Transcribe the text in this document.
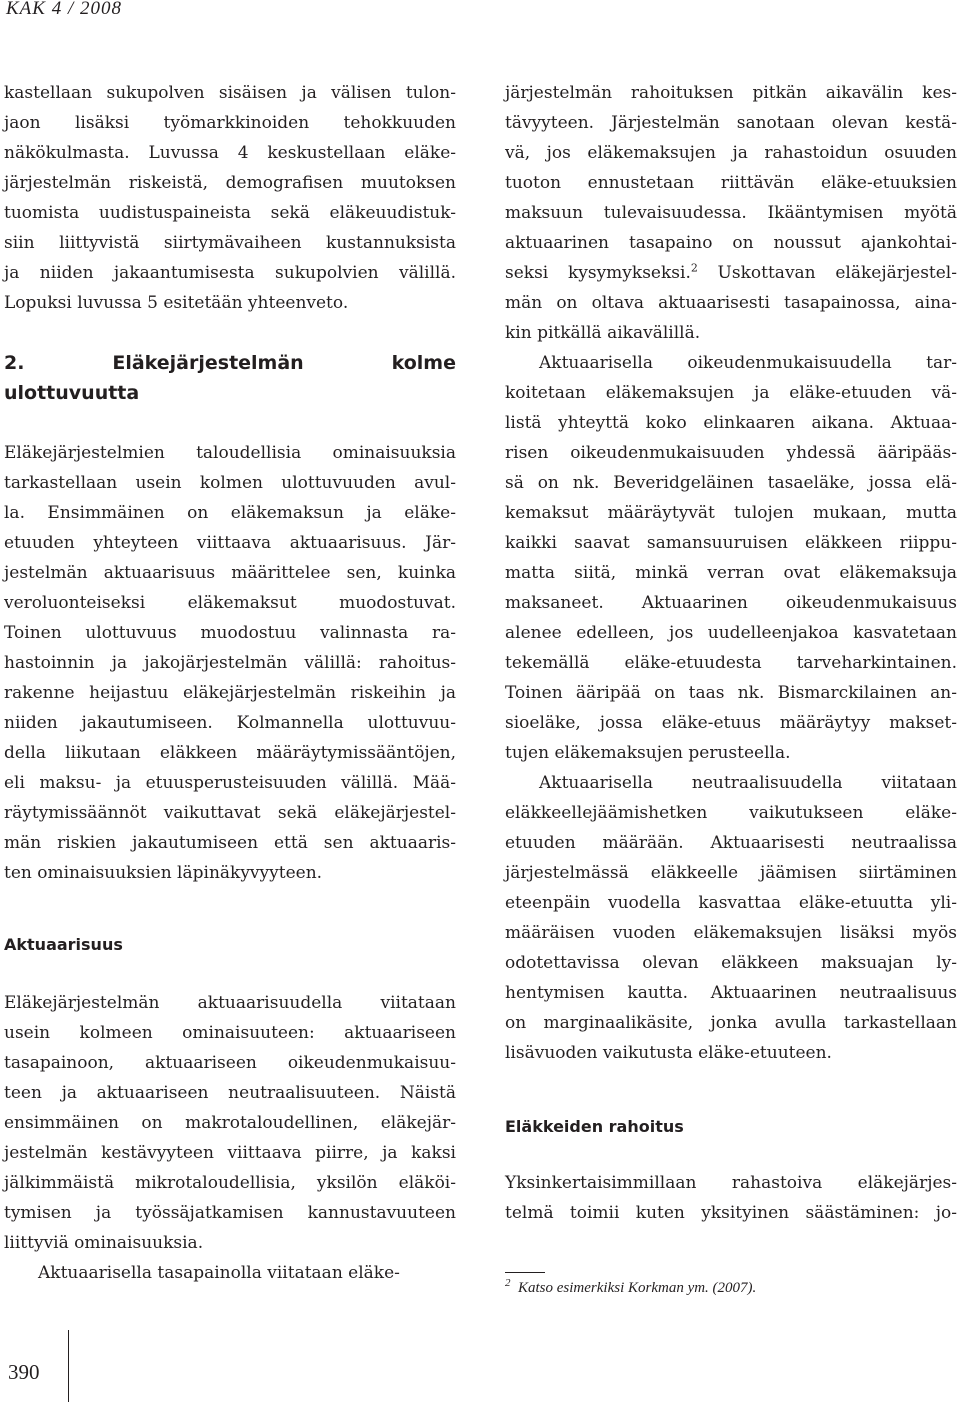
KAK 4 / 2008

kastellaan sukupolven sisäisen ja välisen tulon-
jaon lisäksi työmarkkinoiden tehokkuuden
näkökulmasta. Luvussa 4 keskustellaan eläke-
järjestelmän riskeistä, demografisen muutoksen
tuomista uudistuspaineista sekä eläkeuudistuk-
siin liittyvistä siirtymävaiheen kustannuksista
ja niiden jakaantumisesta sukupolvien välillä.
Lopuksi luvussa 5 esitetään yhteenveto.
2. Eläkejärjestelmän kolme
ulottuvuutta
Eläkejärjestelmien taloudellisia ominaisuuksia
tarkastellaan usein kolmen ulottuvuuden avul-
la. Ensimmäinen on eläkemaksun ja eläke-
etuuden yhteyteen viittaava aktuaarisuus. Jär-
jestelmän aktuaarisuus määrittelee sen, kuinka
veroluonteiseksi eläkemaksut muodostuvat.
Toinen ulottuvuus muodostuu valinnasta ra-
hastoinnin ja jakojärjestelmän välillä: rahoitus-
rakenne heijastuu eläkejärjestelmän riskeihin ja
niiden jakautumiseen. Kolmannella ulottuvuu-
della liikutaan eläkkeen määräytymissääntöjen,
eli maksu- ja etuusperusteisuuden välillä. Mää-
räytymissäännöt vaikuttavat sekä eläkejärjestel-
män riskien jakautumiseen että sen aktuaaris-
ten ominaisuuksien läpinäkyvyyteen.
Aktuaarisuus
Eläkejärjestelmän aktuaarisuudella viitataan
usein kolmeen ominaisuuteen: aktuaariseen
tasapainoon, aktuaariseen oikeudenmukaisuu-
teen ja aktuaariseen neutraalisuuteen. Näistä
ensimmäinen on makrotaloudellinen, eläkejär-
jestelmän kestävyyteen viittaava piirre, ja kaksi
jälkimmäistä mikrotaloudellisia, yksilön eläköi-
tymisen ja työssäjatkamisen kannustavuuteen
liittyviä ominaisuuksia.
Aktuaarisella tasapainolla viitataan eläke-
järjestelmän rahoituksen pitkän aikavälin kes-
tävyyteen. Järjestelmän sanotaan olevan kestä-
vä, jos eläkemaksujen ja rahastoidun osuuden
tuoton ennustetaan riittävän eläke-etuuksien
maksuun tulevaisuudessa. Ikääntymisen myötä
aktuaarinen tasapaino on noussut ajankohtai-
seksi kysymykseksi.$^2$ Uskottavan eläkejärjestel-
män on oltava aktuaarisesti tasapainossa, aina-
kin pitkällä aikavälillä.
Aktuaarisella oikeudenmukaisuudella tar-
koitetaan eläkemaksujen ja eläke-etuuden vä-
listä yhteyttä koko elinkaaren aikana. Aktuaa-
risen oikeudenmukaisuuden yhdessä ääripääs-
sä on nk. Beveridgeläinen tasaeläke, jossa elä-
kemaksut määräytyvät tulojen mukaan, mutta
kaikki saavat samansuuruisen eläkkeen riippu-
matta siitä, minkä verran ovat eläkemaksuja
maksaneet. Aktuaarinen oikeudenmukaisuus
alenee edelleen, jos uudelleenjakoa kasvatetaan
tekemällä eläke-etuudesta tarveharkintainen.
Toinen ääripää on taas nk. Bismarckilainen an-
sioeläke, jossa eläke-etuus määräytyy makset-
tujen eläkemaksujen perusteella.
Aktuaarisella neutraalisuudella viitataan
eläkkeellejäämishetken vaikutukseen eläke-
etuuden määrään. Aktuaarisesti neutraalissa
järjestelmässä eläkkeelle jäämisen siirtäminen
eteenpäin vuodella kasvattaa eläke-etuutta yli-
määräisen vuoden eläkemaksujen lisäksi myös
odotettavissa olevan eläkkeen maksuajan ly-
hentymisen kautta. Aktuaarinen neutraalisuus
on marginaalikäsite, jonka avulla tarkastellaan
lisävuoden vaikutusta eläke-etuuteen.
Eläkkeiden rahoitus
Yksinkertaisimmillaan rahastoiva eläkejärjes-
telmä toimii kuten yksityinen säästäminen: jo-
$^2$ Katso esimerkiksi Korkman ym. (2007).

390
